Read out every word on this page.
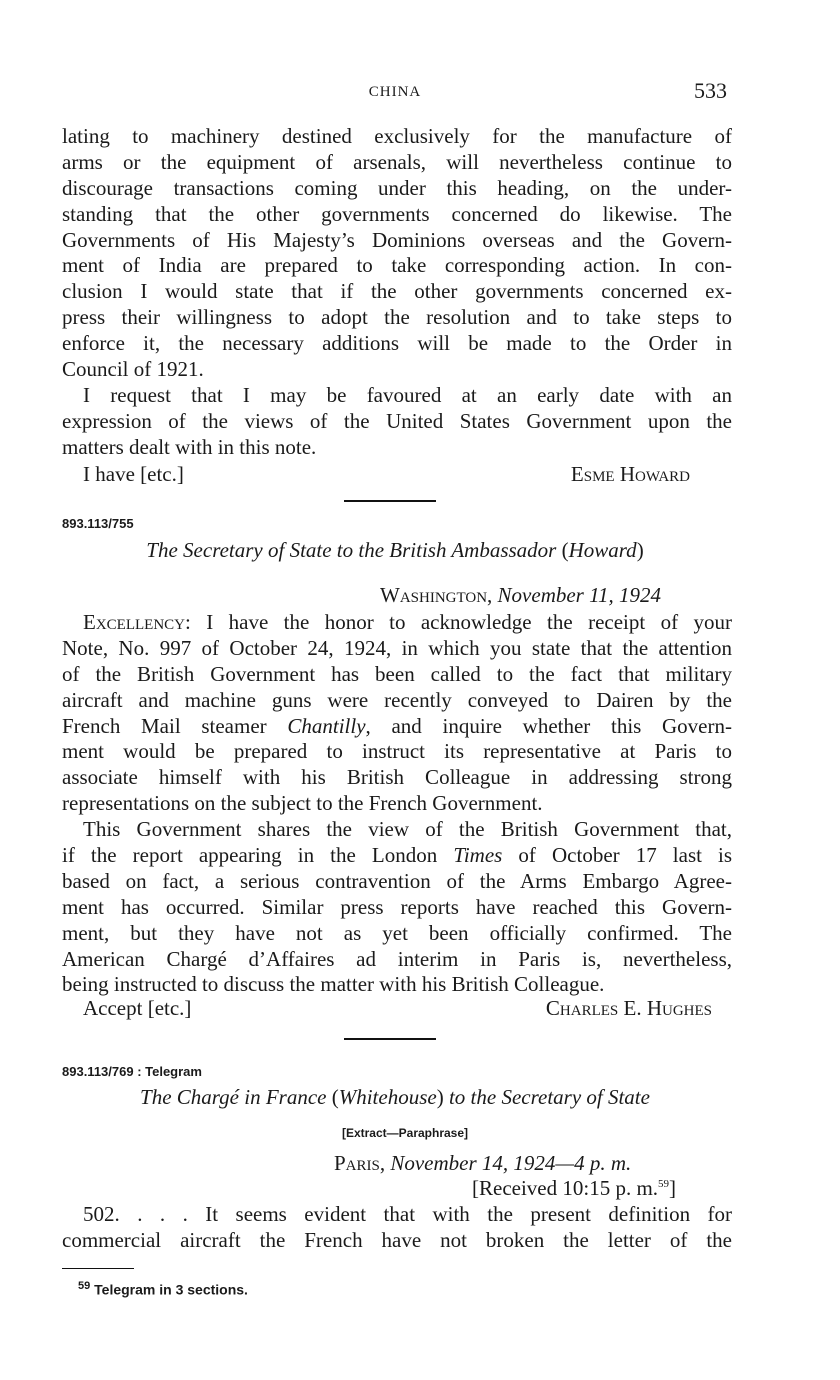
CHINA	533
lating to machinery destined exclusively for the manufacture of
arms or the equipment of arsenals, will nevertheless continue to
discourage transactions coming under this heading, on the under-
standing that the other governments concerned do likewise. The
Governments of His Majesty’s Dominions overseas and the Govern-
ment of India are prepared to take corresponding action. In con-
clusion I would state that if the other governments concerned ex-
press their willingness to adopt the resolution and to take steps to
enforce it, the necessary additions will be made to the Order in
Council of 1921.
I request that I may be favoured at an early date with an
expression of the views of the United States Government upon the
matters dealt with in this note.
I have [etc.]	Esme Howard
893.113/755
The Secretary of State to the British Ambassador (Howard)
Washington, November 11, 1924
Excellency: I have the honor to acknowledge the receipt of your
Note, No. 997 of October 24, 1924, in which you state that the attention
of the British Government has been called to the fact that military
aircraft and machine guns were recently conveyed to Dairen by the
French Mail steamer Chantilly, and inquire whether this Govern-
ment would be prepared to instruct its representative at Paris to
associate himself with his British Colleague in addressing strong
representations on the subject to the French Government.
This Government shares the view of the British Government that,
if the report appearing in the London Times of October 17 last is
based on fact, a serious contravention of the Arms Embargo Agree-
ment has occurred. Similar press reports have reached this Govern-
ment, but they have not as yet been officially confirmed. The
American Chargé d’Affaires ad interim in Paris is, nevertheless,
being instructed to discuss the matter with his British Colleague.
Accept [etc.]	Charles E. Hughes
893.113/769 : Telegram
The Chargé in France (Whitehouse) to the Secretary of State
[Extract—Paraphrase]
Paris, November 14, 1924—4 p. m.
[Received 10:15 p. m.$^{59}$]
502. . . . It seems evident that with the present definition for
commercial aircraft the French have not broken the letter of the
$^{59}$ Telegram in 3 sections.
